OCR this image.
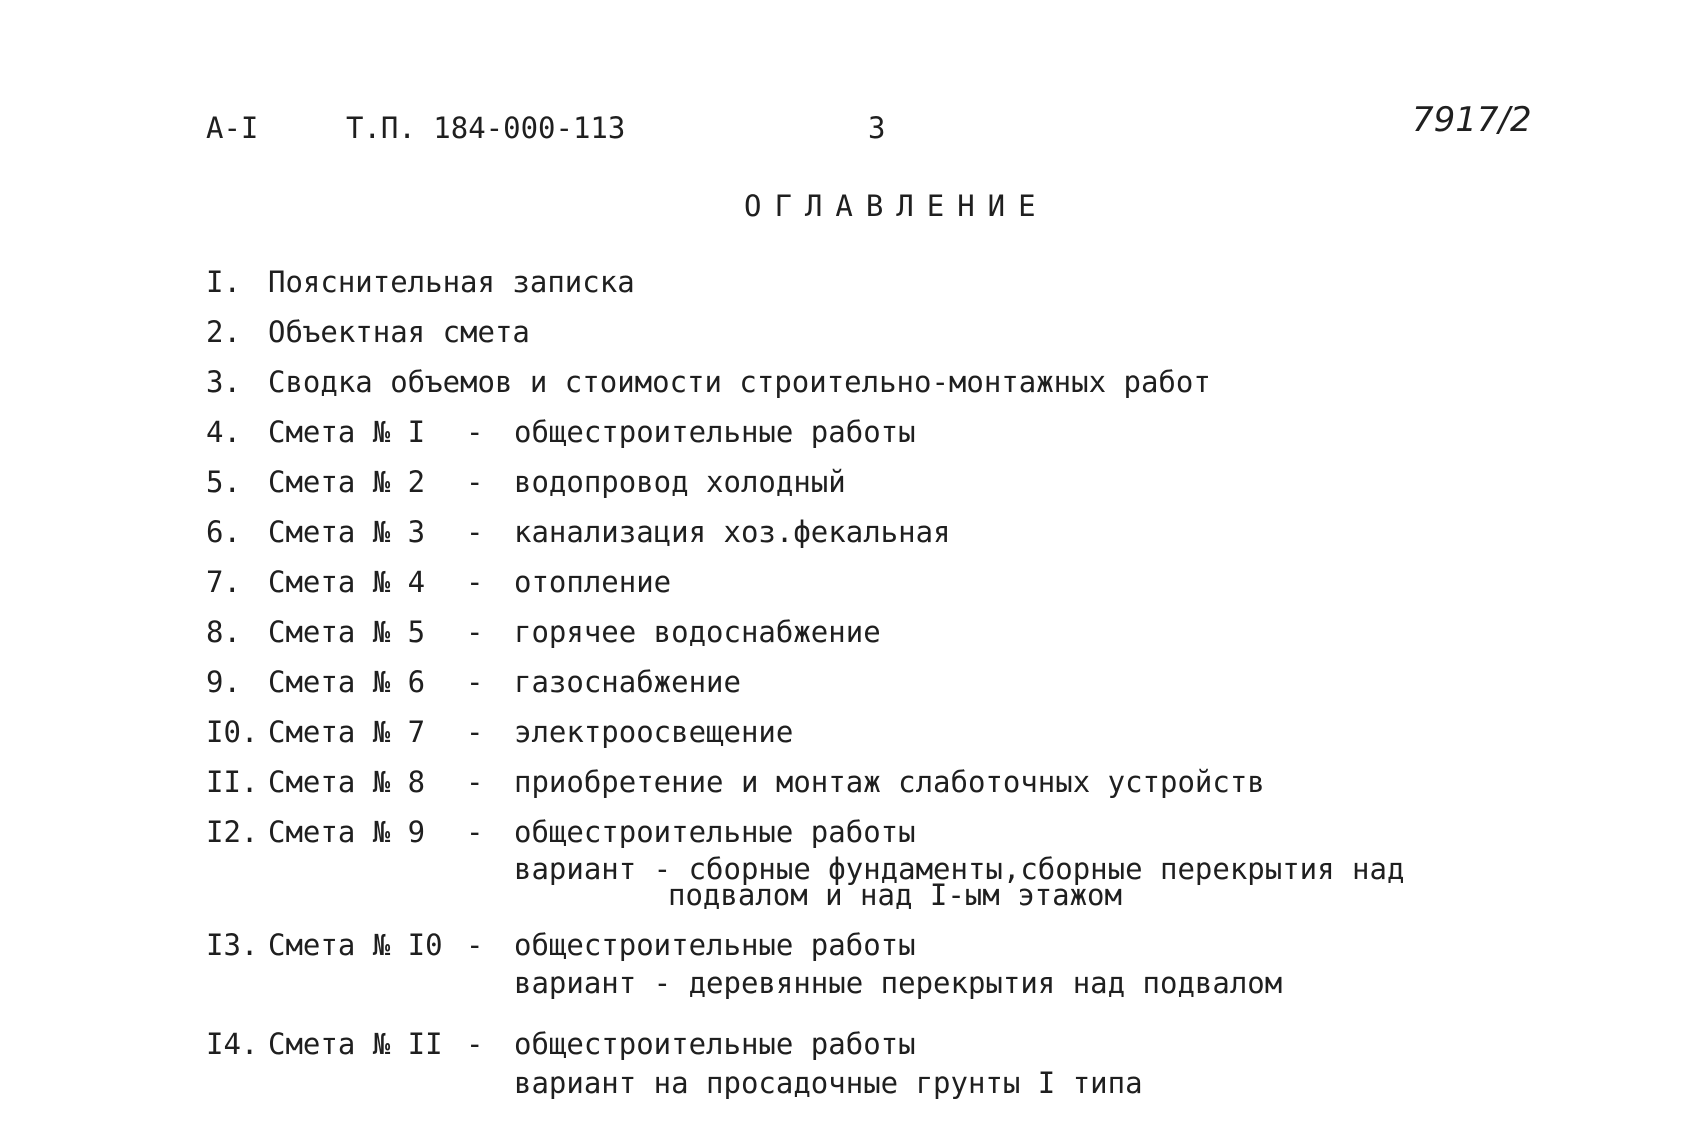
А-I	Т.П. 184-000-113	3	7917/2
ОГЛАВЛЕНИЕ
I. Пояснительная записка
2. Объектная смета
3. Сводка объемов и стоимости строительно-монтажных работ
4. Смета № I - общестроительные работы
5. Смета № 2 - водопровод холодный
6. Смета № 3 - канализация хоз.фекальная
7. Смета № 4 - отопление
8. Смета № 5 - горячее водоснабжение
9. Смета № 6 - газоснабжение
I0. Смета № 7 - электроосвещение
II. Смета № 8 - приобретение и монтаж слаботочных устройств
I2. Смета № 9 - общестроительные работы
вариант - сборные фундаменты,сборные перекрытия над
подвалом и над I-ым этажом
I3. Смета № I0 - общестроительные работы
вариант - деревянные перекрытия над подвалом
I4. Смета № II - общестроительные работы
вариант на просадочные грунты I типа
